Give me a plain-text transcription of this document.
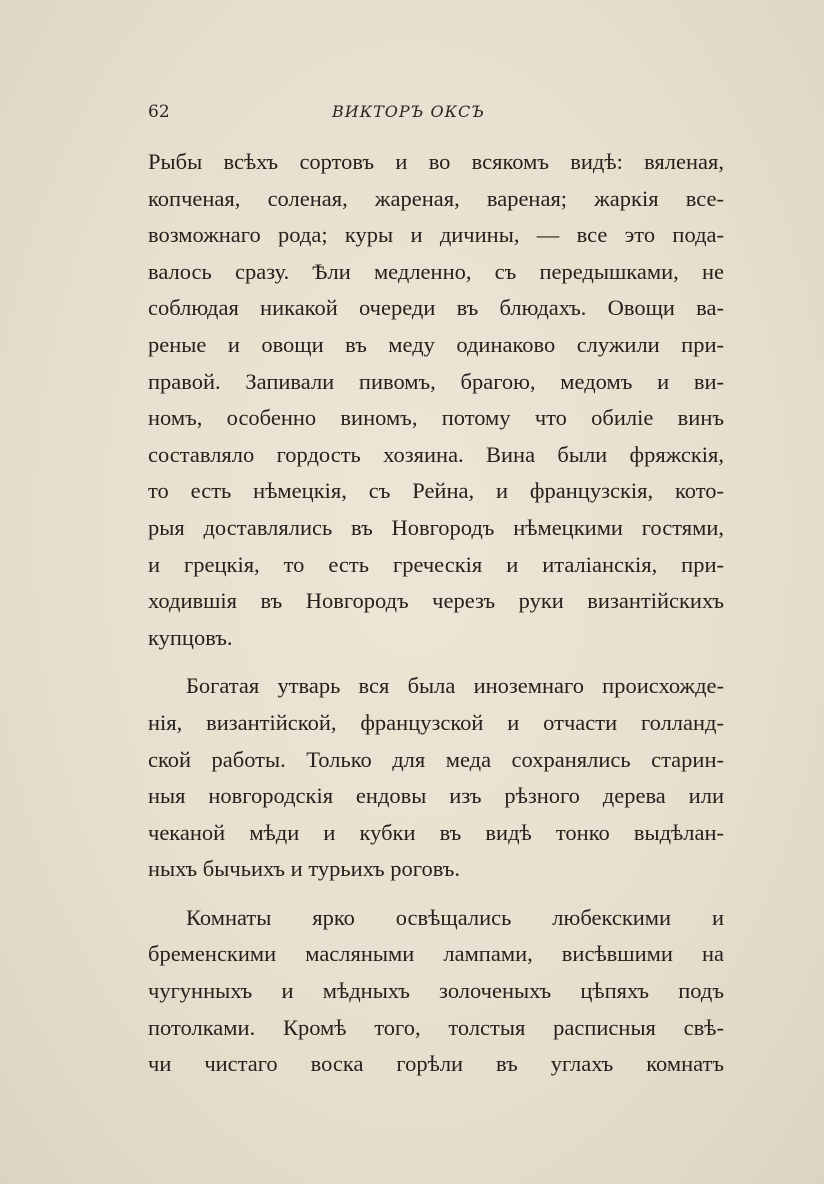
62	ВИКТОРЪ ОКСЪ
Рыбы всѣхъ сортовъ и во всякомъ видѣ: вяленая,
копченая, соленая, жареная, вареная; жаркія все-
возможнаго рода; куры и дичины, — все это пода-
валось сразу. Ѣли медленно, съ передышками, не
соблюдая никакой очереди въ блюдахъ. Овощи ва-
реные и овощи въ меду одинаково служили при-
правой. Запивали пивомъ, брагою, медомъ и ви-
номъ, особенно виномъ, потому что обиліе винъ
составляло гордость хозяина. Вина были фряжскія,
то есть нѣмецкія, съ Рейна, и французскія, кото-
рыя доставлялись въ Новгородъ нѣмецкими гостями,
и грецкія, то есть греческія и италіанскія, при-
ходившія въ Новгородъ черезъ руки византійскихъ
купцовъ.
Богатая утварь вся была иноземнаго происхожде-
нія, византійской, французской и отчасти голланд-
ской работы. Только для меда сохранялись старин-
ныя новгородскія ендовы изъ рѣзного дерева или
чеканой мѣди и кубки въ видѣ тонко выдѣлан-
ныхъ бычьихъ и турьихъ роговъ.
Комнаты ярко освѣщались любекскими и
бременскими масляными лампами, висѣвшими на
чугунныхъ и мѣдныхъ золоченыхъ цѣпяхъ подъ
потолками. Кромѣ того, толстыя расписныя свѣ-
чи чистаго воска горѣли въ углахъ комнатъ
